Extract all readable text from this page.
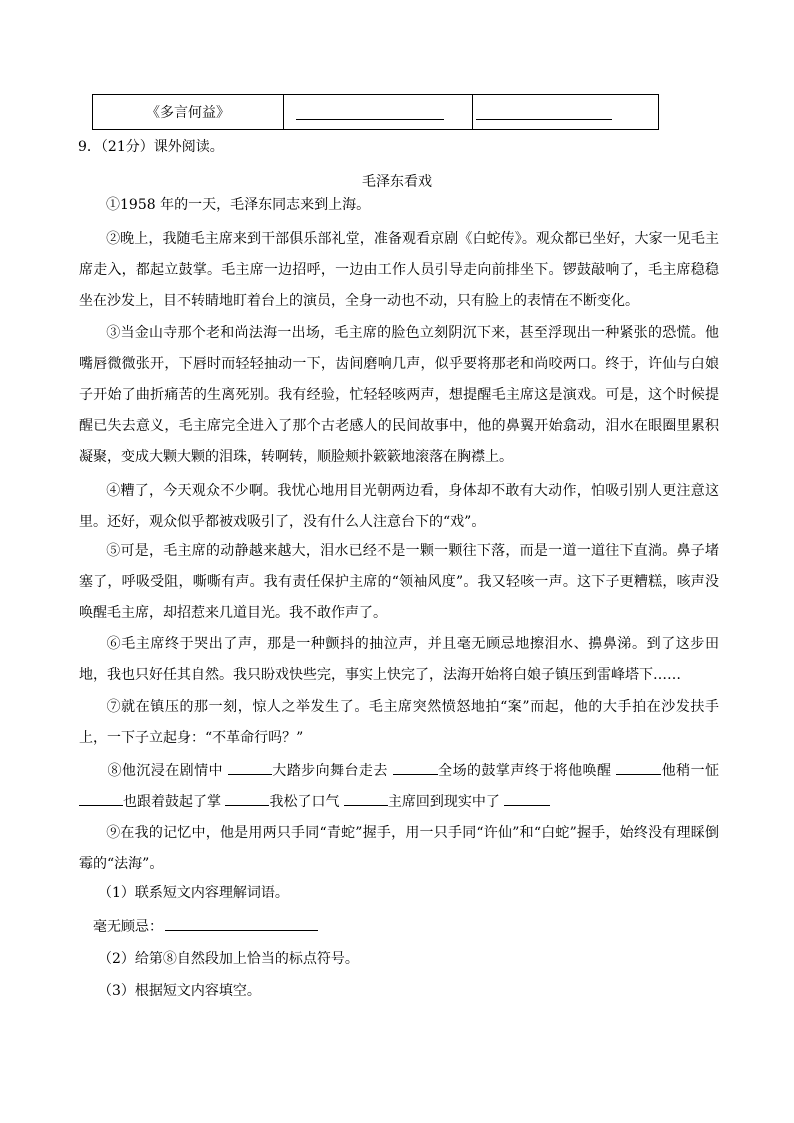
《多言何益》	

9．（21分）课外阅读。
毛泽东看戏
①1958 年的一天，毛泽东同志来到上海。
②晚上，我随毛主席来到干部俱乐部礼堂，准备观看京剧《白蛇传》。观众都已坐好，大家一见毛主席走入，都起立鼓掌。毛主席一边招呼，一边由工作人员引导走向前排坐下。锣鼓敲响了，毛主席稳稳坐在沙发上，目不转睛地盯着台上的演员，全身一动也不动，只有脸上的表情在不断变化。
③当金山寺那个老和尚法海一出场，毛主席的脸色立刻阴沉下来，甚至浮现出一种紧张的恐慌。他嘴唇微微张开，下唇时而轻轻抽动一下，齿间磨响几声，似乎要将那老和尚咬两口。终于，许仙与白娘子开始了曲折痛苦的生离死别。我有经验，忙轻轻咳两声，想提醒毛主席这是演戏。可是，这个时候提醒已失去意义，毛主席完全进入了那个古老感人的民间故事中，他的鼻翼开始翕动，泪水在眼圈里累积凝聚，变成大颗大颗的泪珠，转啊转，顺脸颊扑簌簌地滚落在胸襟上。
④糟了，今天观众不少啊。我忧心地用目光朝两边看，身体却不敢有大动作，怕吸引别人更注意这里。还好，观众似乎都被戏吸引了，没有什么人注意台下的“戏”。
⑤可是，毛主席的动静越来越大，泪水已经不是一颗一颗往下落，而是一道一道往下直淌。鼻子堵塞了，呼吸受阻，嘶嘶有声。我有责任保护主席的“领袖风度”。我又轻咳一声。这下子更糟糕，咳声没唤醒毛主席，却招惹来几道目光。我不敢作声了。
⑥毛主席终于哭出了声，那是一种颤抖的抽泣声，并且毫无顾忌地擦泪水、擤鼻涕。到了这步田地，我也只好任其自然。我只盼戏快些完，事实上快完了，法海开始将白娘子镇压到雷峰塔下……
⑦就在镇压的那一刻，惊人之举发生了。毛主席突然愤怒地拍“案”而起，他的大手拍在沙发扶手上，一下子立起身：“不革命行吗？”
⑧他沉浸在剧情中	大踏步向舞台走去	全场的鼓掌声终于将他唤醒	他稍一怔 也跟着鼓起了掌	我松了口气	主席回到现实中了
⑨在我的记忆中，他是用两只手同“青蛇”握手，用一只手同“许仙”和“白蛇”握手，始终没有理睬倒霉的“法海”。
（1）联系短文内容理解词语。
毫无顾忌：
（2）给第⑧自然段加上恰当的标点符号。
（3）根据短文内容填空。
